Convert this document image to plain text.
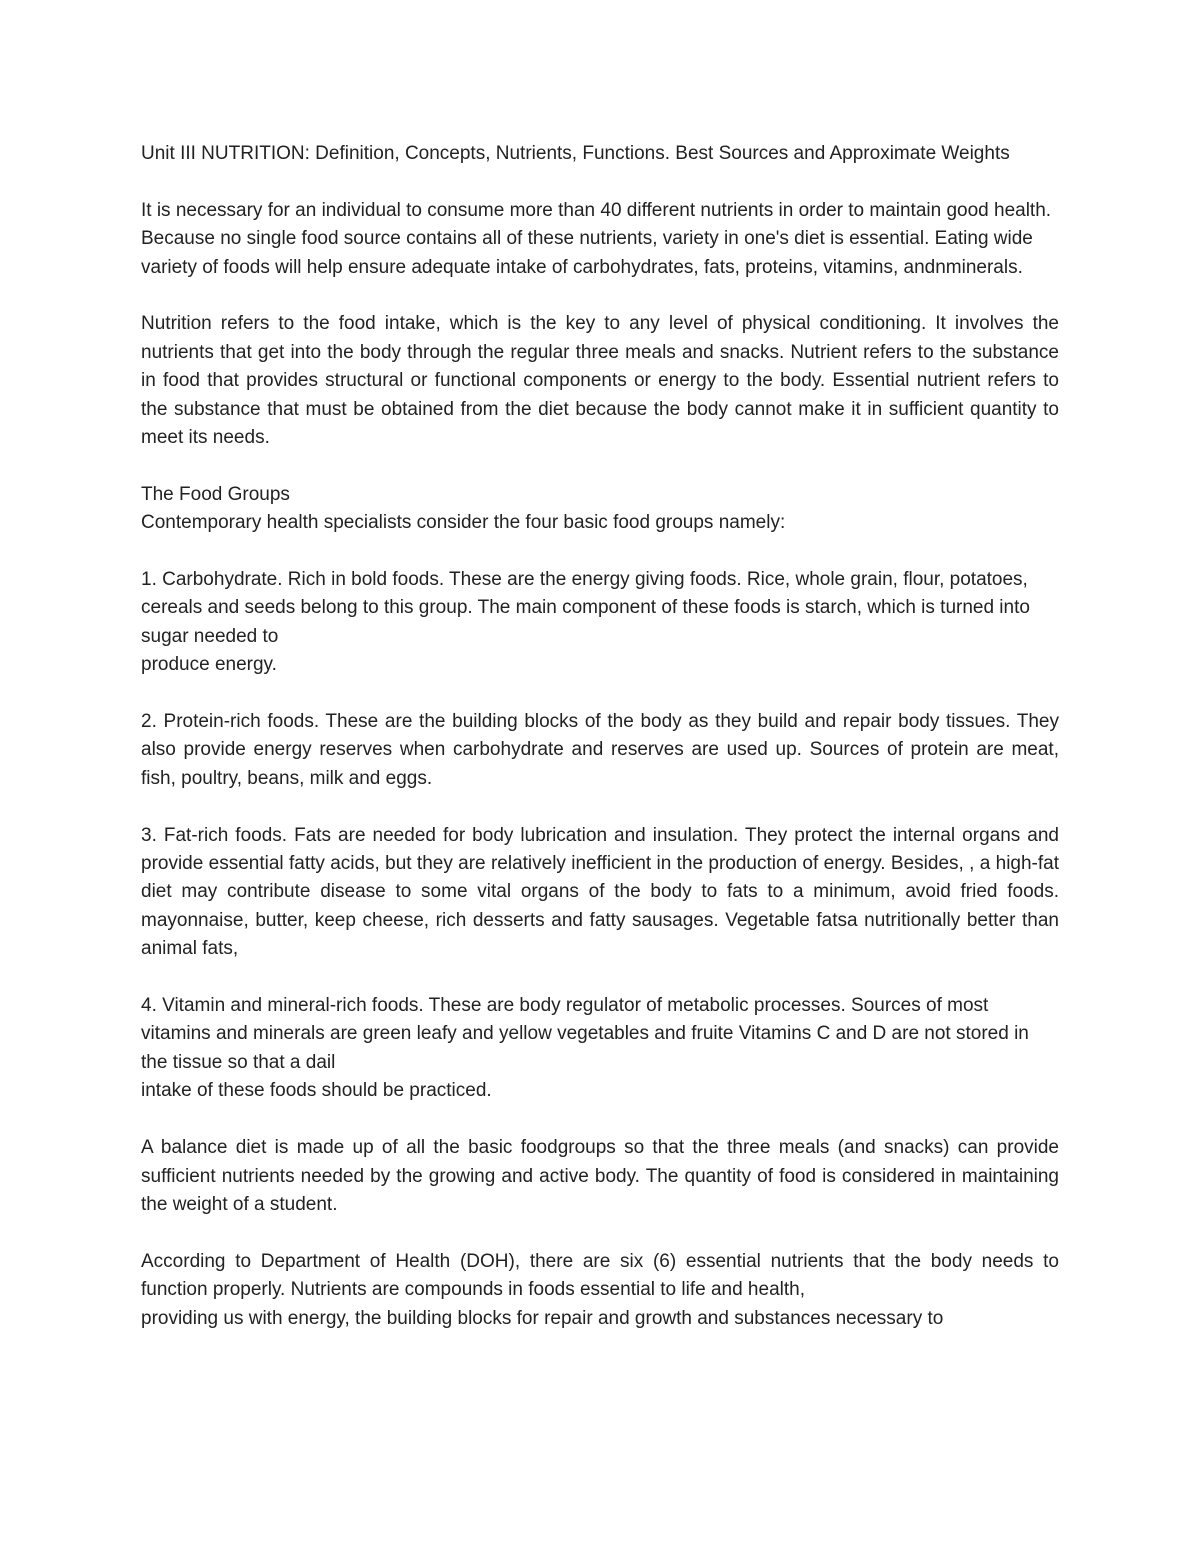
Unit III NUTRITION: Definition, Concepts, Nutrients, Functions. Best Sources and Approximate Weights

It is necessary for an individual to consume more than 40 different nutrients in order to maintain good health. Because no single food source contains all of these nutrients, variety in one's diet is essential. Eating wide variety of foods will help ensure adequate intake of carbohydrates, fats, proteins, vitamins, andnminerals.

Nutrition refers to the food intake, which is the key to any level of physical conditioning. It involves the nutrients that get into the body through the regular three meals and snacks. Nutrient refers to the substance in food that provides structural or functional components or energy to the body. Essential nutrient refers to the substance that must be obtained from the diet because the body cannot make it in sufficient quantity to meet its needs.

The Food Groups

Contemporary health specialists consider the four basic food groups namely:

1. Carbohydrate. Rich in bold foods. These are the energy giving foods. Rice, whole grain, flour, potatoes, cereals and seeds belong to this group. The main component of these foods is starch, which is turned into sugar needed to
produce energy.

2. Protein-rich foods. These are the building blocks of the body as they build and repair body tissues. They also provide energy reserves when carbohydrate and reserves are used up. Sources of protein are meat, fish, poultry, beans, milk and eggs.

3. Fat-rich foods. Fats are needed for body lubrication and insulation. They protect the internal organs and provide essential fatty acids, but they are relatively inefficient in the production of energy. Besides, , a high-fat diet may contribute disease to some vital organs of the body to fats to a minimum, avoid fried foods. mayonnaise, butter, keep cheese, rich desserts and fatty sausages. Vegetable fatsa nutritionally better than animal fats,

4. Vitamin and mineral-rich foods. These are body regulator of metabolic processes. Sources of most vitamins and minerals are green leafy and yellow vegetables and fruite Vitamins C and D are not stored in the tissue so that a dail
intake of these foods should be practiced.

A balance diet is made up of all the basic foodgroups so that the three meals (and snacks) can provide sufficient nutrients needed by the growing and active body. The quantity of food is considered in maintaining the weight of a student.

According to Department of Health (DOH), there are six (6) essential nutrients that the body needs to function properly. Nutrients are compounds in foods essential to life and health,
providing us with energy, the building blocks for repair and growth and substances necessary to
